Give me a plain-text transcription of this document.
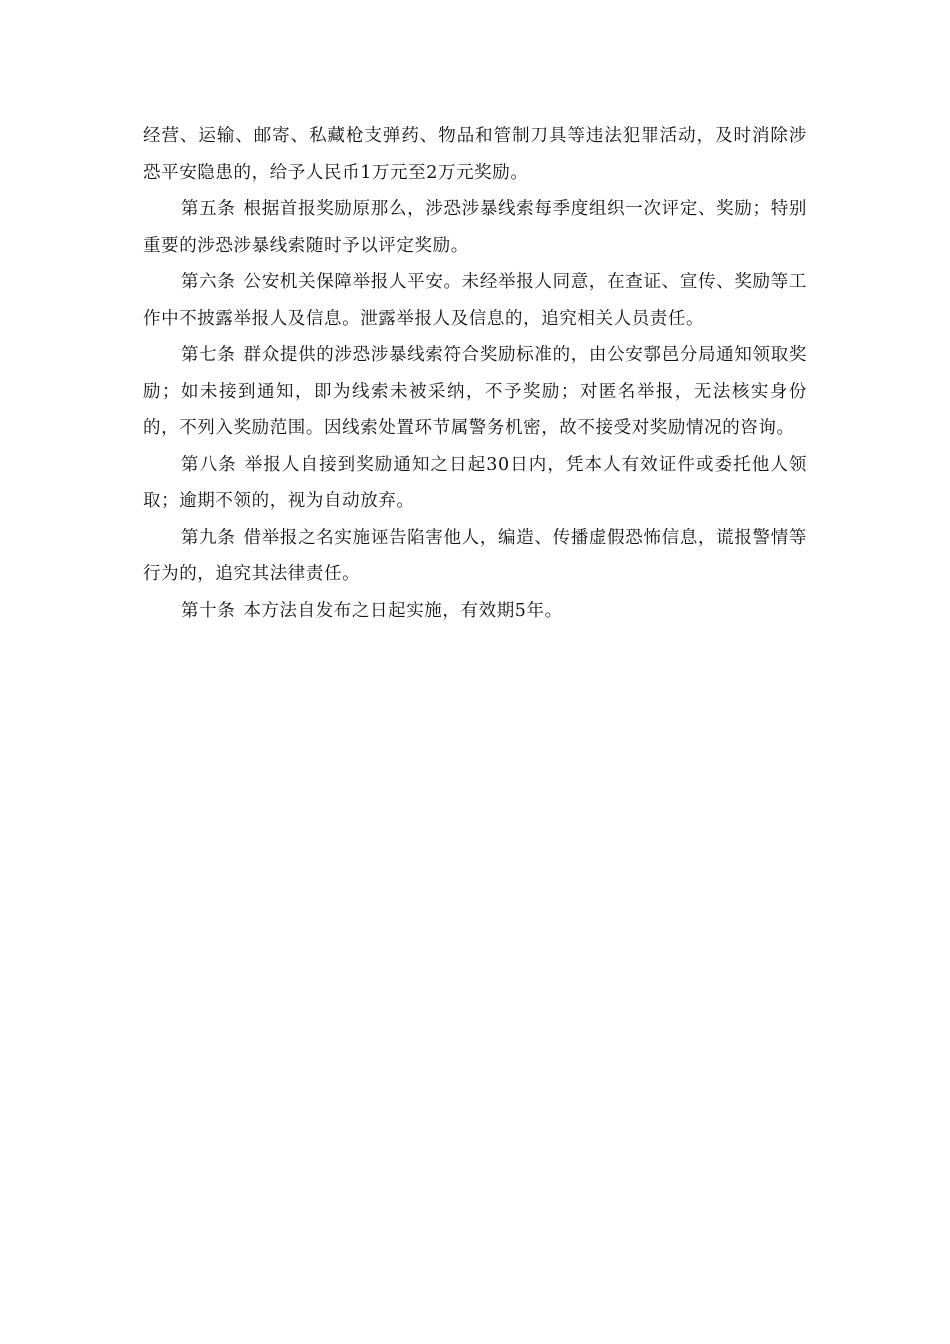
经营、运输、邮寄、私藏枪支弹药、物品和管制刀具等违法犯罪活动，及时消除涉恐平安隐患的，给予人民币1万元至2万元奖励。

第五条 根据首报奖励原那么，涉恐涉暴线索每季度组织一次评定、奖励；特别重要的涉恐涉暴线索随时予以评定奖励。

第六条 公安机关保障举报人平安。未经举报人同意，在查证、宣传、奖励等工作中不披露举报人及信息。泄露举报人及信息的，追究相关人员责任。

第七条 群众提供的涉恐涉暴线索符合奖励标准的，由公安鄠邑分局通知领取奖励；如未接到通知，即为线索未被采纳，不予奖励；对匿名举报，无法核实身份的，不列入奖励范围。因线索处置环节属警务机密，故不接受对奖励情况的咨询。

第八条 举报人自接到奖励通知之日起30日内，凭本人有效证件或委托他人领取；逾期不领的，视为自动放弃。

第九条 借举报之名实施诬告陷害他人，编造、传播虚假恐怖信息，谎报警情等行为的，追究其法律责任。

第十条 本方法自发布之日起实施，有效期5年。
